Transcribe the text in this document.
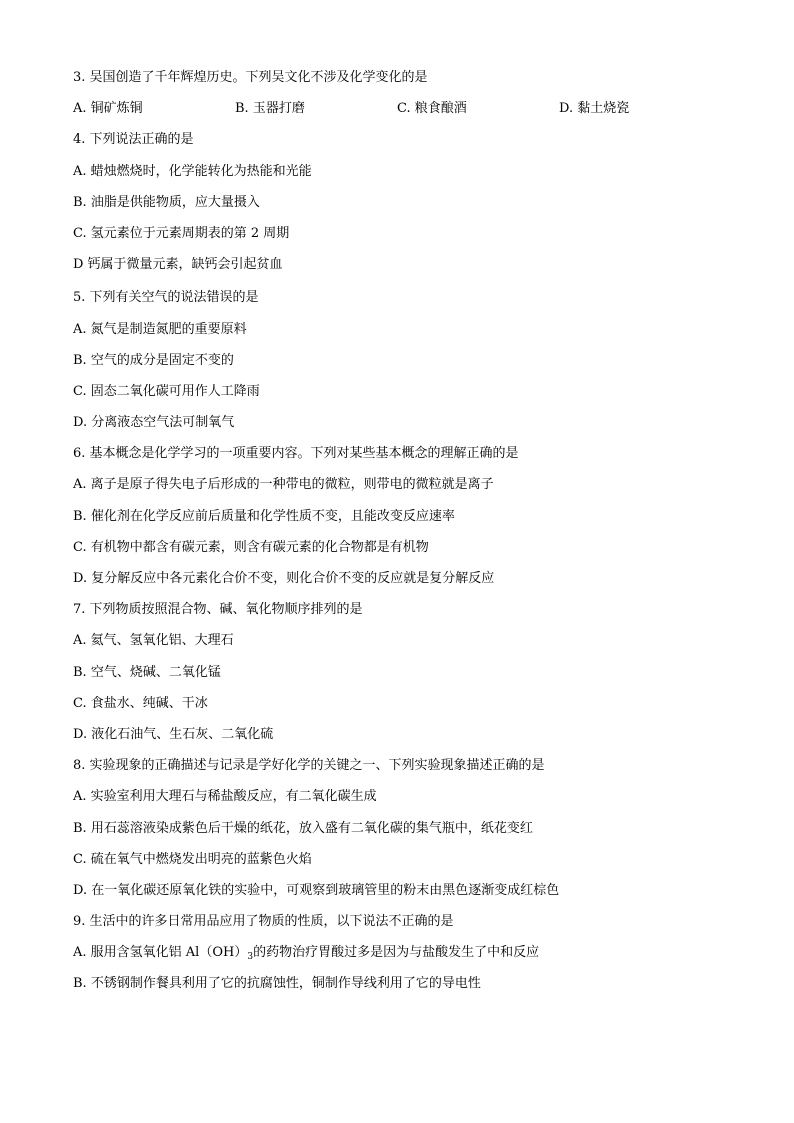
3. 吴国创造了千年辉煌历史。下列吴文化不涉及化学变化的是
A. 铜矿炼铜	B. 玉器打磨	C. 粮食酿酒	D. 黏土烧瓷
4. 下列说法正确的是
A. 蜡烛燃烧时，化学能转化为热能和光能
B. 油脂是供能物质，应大量摄入
C. 氢元素位于元素周期表的第 2 周期
D 钙属于微量元素，缺钙会引起贫血
5. 下列有关空气的说法错误的是
A. 氮气是制造氮肥的重要原料
B. 空气的成分是固定不变的
C. 固态二氧化碳可用作人工降雨
D. 分离液态空气法可制氧气
6. 基本概念是化学学习的一项重要内容。下列对某些基本概念的理解正确的是
A. 离子是原子得失电子后形成的一种带电的微粒，则带电的微粒就是离子
B. 催化剂在化学反应前后质量和化学性质不变，且能改变反应速率
C. 有机物中都含有碳元素，则含有碳元素的化合物都是有机物
D. 复分解反应中各元素化合价不变，则化合价不变的反应就是复分解反应
7. 下列物质按照混合物、碱、氧化物顺序排列的是
A. 氦气、氢氧化铝、大理石
B. 空气、烧碱、二氧化锰
C. 食盐水、纯碱、干冰
D. 液化石油气、生石灰、二氧化硫
8. 实验现象的正确描述与记录是学好化学的关键之一、下列实验现象描述正确的是
A. 实验室利用大理石与稀盐酸反应，有二氧化碳生成
B. 用石蕊溶液染成紫色后干燥的纸花，放入盛有二氧化碳的集气瓶中，纸花变红
C. 硫在氧气中燃烧发出明亮的蓝紫色火焰
D. 在一氧化碳还原氧化铁的实验中，可观察到玻璃管里的粉末由黑色逐渐变成红棕色
9. 生活中的许多日常用品应用了物质的性质，以下说法不正确的是
A. 服用含氢氧化铝 $Al(OH)_3$的药物治疗胃酸过多是因为与盐酸发生了中和反应
B. 不锈钢制作餐具利用了它的抗腐蚀性，铜制作导线利用了它的导电性
